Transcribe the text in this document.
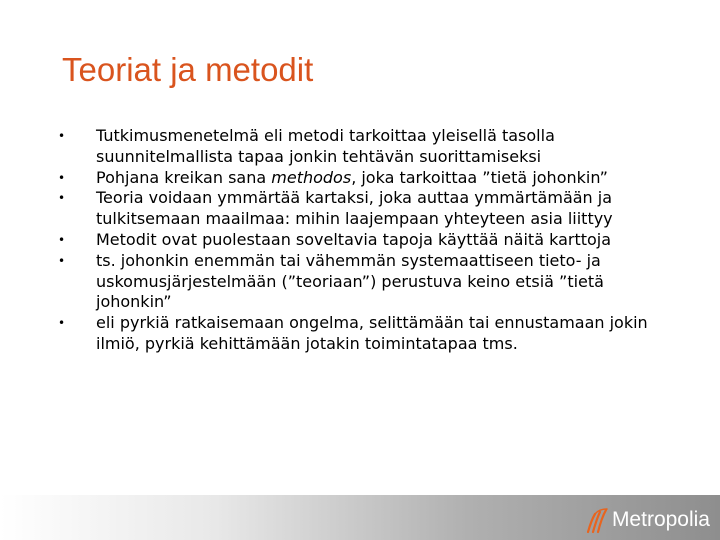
Teoriat ja metodit
• Tutkimusmenetelmä eli metodi tarkoittaa yleisellä tasolla suunnitelmallista tapaa jonkin tehtävän suorittamiseksi
• Pohjana kreikan sana methodos, joka tarkoittaa ”tietä johonkin”
• Teoria voidaan ymmärtää kartaksi, joka auttaa ymmärtämään ja tulkitsemaan maailmaa: mihin laajempaan yhteyteen asia liittyy
• Metodit ovat puolestaan soveltavia tapoja käyttää näitä karttoja
• ts. johonkin enemmän tai vähemmän systemaattiseen tieto- ja uskomusjärjestelmään (”teoriaan”) perustuva keino etsiä ”tietä johonkin”
• eli pyrkiä ratkaisemaan ongelma, selittämään tai ennustamaan jokin ilmiö, pyrkiä kehittämään jotakin toimintatapaa tms.
Metropolia
